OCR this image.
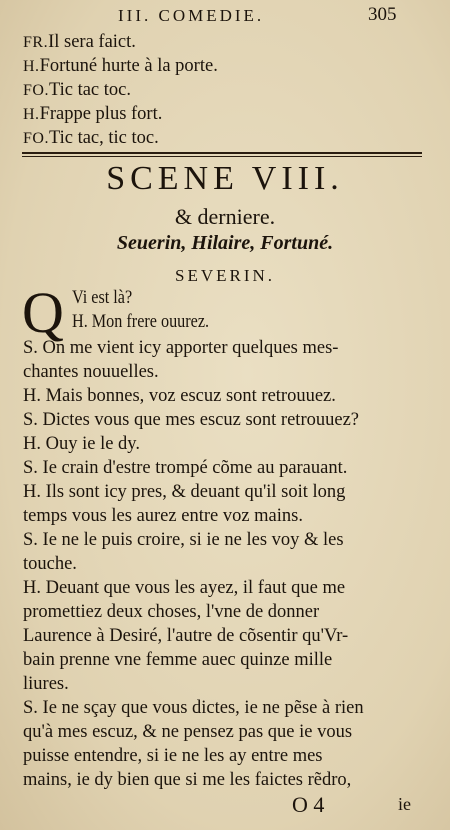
III. COMEDIE.	305
FR.Il sera faict.
H.Fortuné hurte à la porte.
FO.Tic tac toc.
H.Frappe plus fort.
FO.Tic tac, tic toc.
SCENE VIII.
& derniere.
Seuerin, Hilaire, Fortuné.
SEVERIN.
Q Vi est là?
H. Mon frere ouurez.
S. On me vient icy apporter quelques mes-
chantes nouuelles.
H. Mais bonnes, voz escuz sont retrouuez.
S. Dictes vous que mes escuz sont retrouuez?
H. Ouy ie le dy.
S. Ie crain d'estre trompé cõme au parauant.
H. Ils sont icy pres, & deuant qu'il soit long
temps vous les aurez entre voz mains.
S. Ie ne le puis croire, si ie ne les voy & les
touche.
H. Deuant que vous les ayez, il faut que me
promettiez deux choses, l'vne de donner
Laurence à Desiré, l'autre de cõsentir qu'Vr-
bain prenne vne femme auec quinze mille
liures.
S. Ie ne sçay que vous dictes, ie ne pẽse à rien
qu'à mes escuz, & ne pensez pas que ie vous
puisse entendre, si ie ne les ay entre mes
mains, ie dy bien que si me les faictes rẽdro,
O 4	ie
